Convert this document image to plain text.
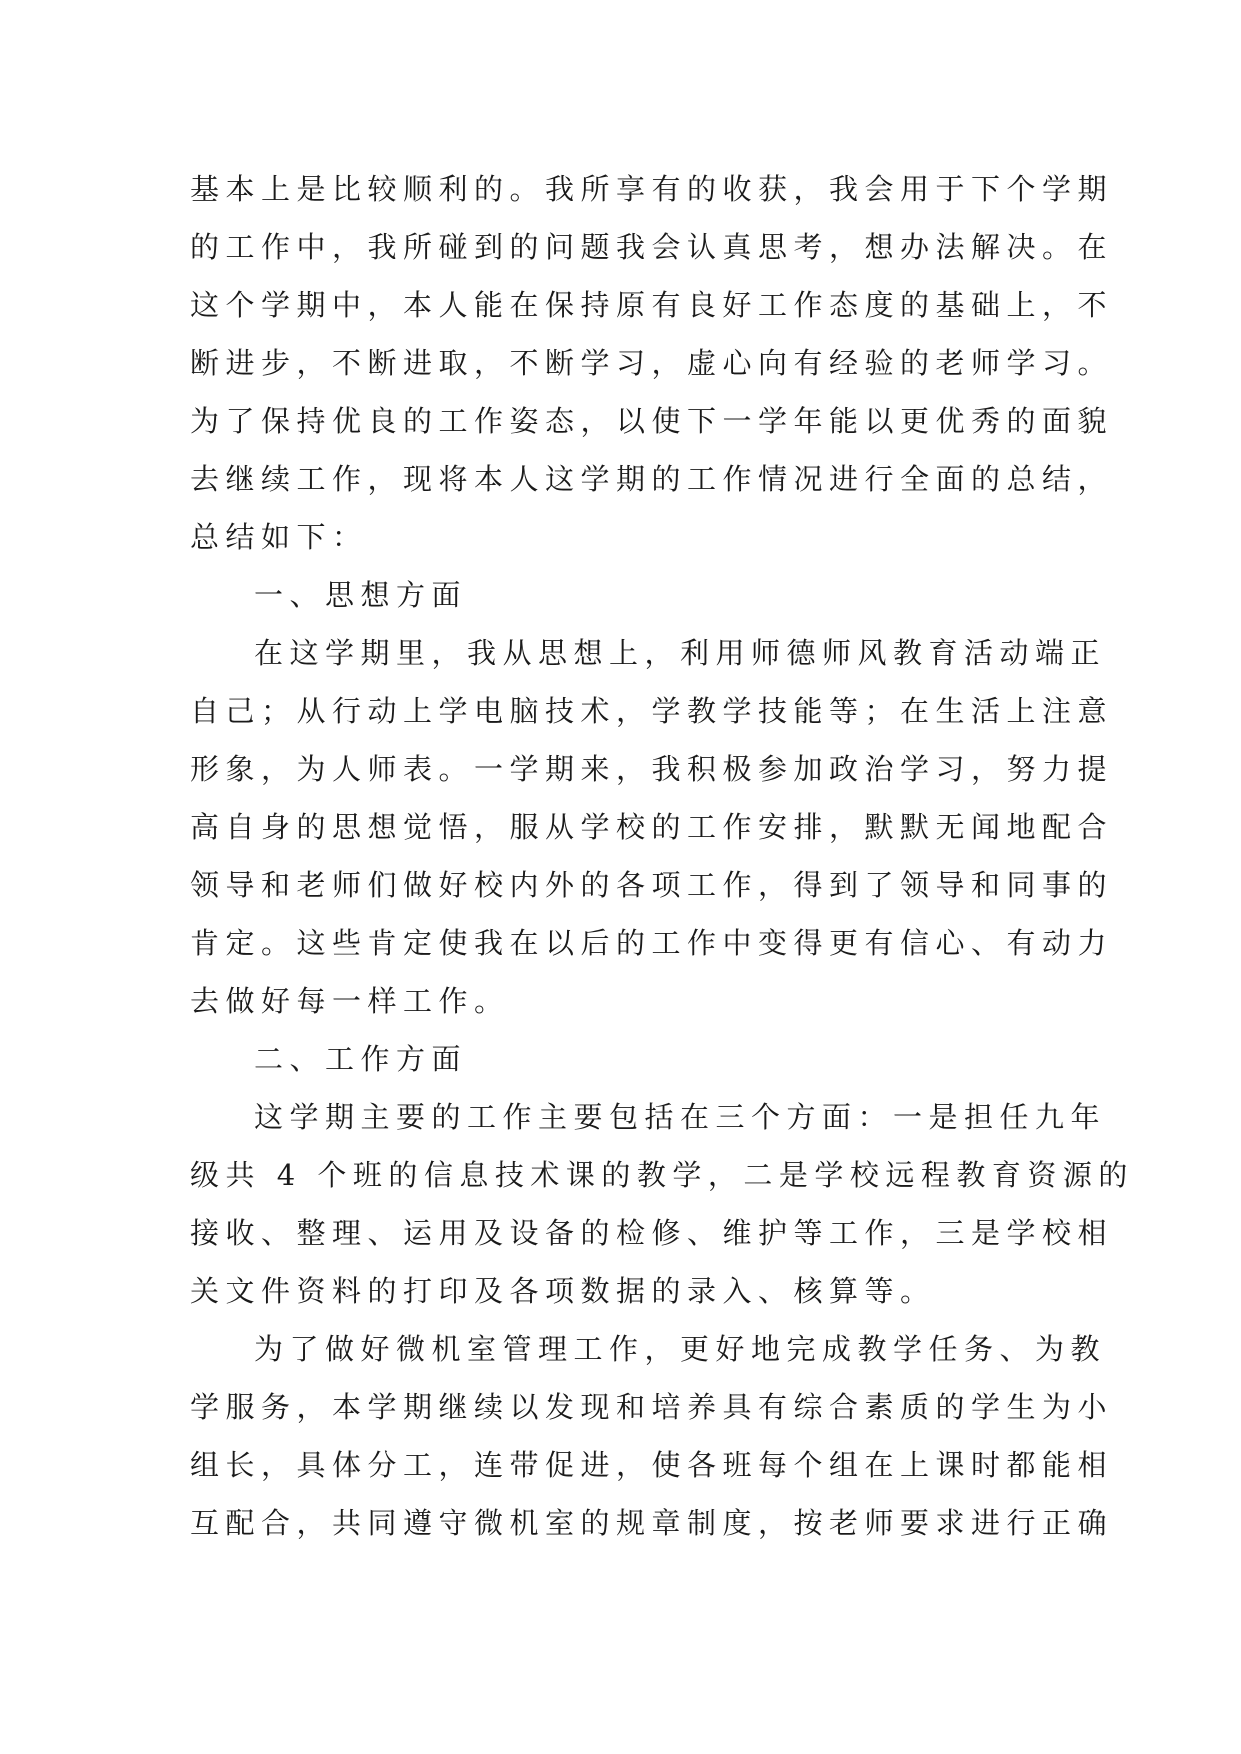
基本上是比较顺利的。我所享有的收获，我会用于下个学期
的工作中，我所碰到的问题我会认真思考，想办法解决。在
这个学期中，本人能在保持原有良好工作态度的基础上，不
断进步，不断进取，不断学习，虚心向有经验的老师学习。
为了保持优良的工作姿态，以使下一学年能以更优秀的面貌
去继续工作，现将本人这学期的工作情况进行全面的总结，
总结如下：
一、思想方面
在这学期里，我从思想上，利用师德师风教育活动端正
自己；从行动上学电脑技术，学教学技能等；在生活上注意
形象，为人师表。一学期来，我积极参加政治学习，努力提
高自身的思想觉悟，服从学校的工作安排，默默无闻地配合
领导和老师们做好校内外的各项工作，得到了领导和同事的
肯定。这些肯定使我在以后的工作中变得更有信心、有动力
去做好每一样工作。
二、工作方面
这学期主要的工作主要包括在三个方面：一是担任九年
级共 4 个班的信息技术课的教学，二是学校远程教育资源的
接收、整理、运用及设备的检修、维护等工作，三是学校相
关文件资料的打印及各项数据的录入、核算等。
为了做好微机室管理工作，更好地完成教学任务、为教
学服务，本学期继续以发现和培养具有综合素质的学生为小
组长，具体分工，连带促进，使各班每个组在上课时都能相
互配合，共同遵守微机室的规章制度，按老师要求进行正确
